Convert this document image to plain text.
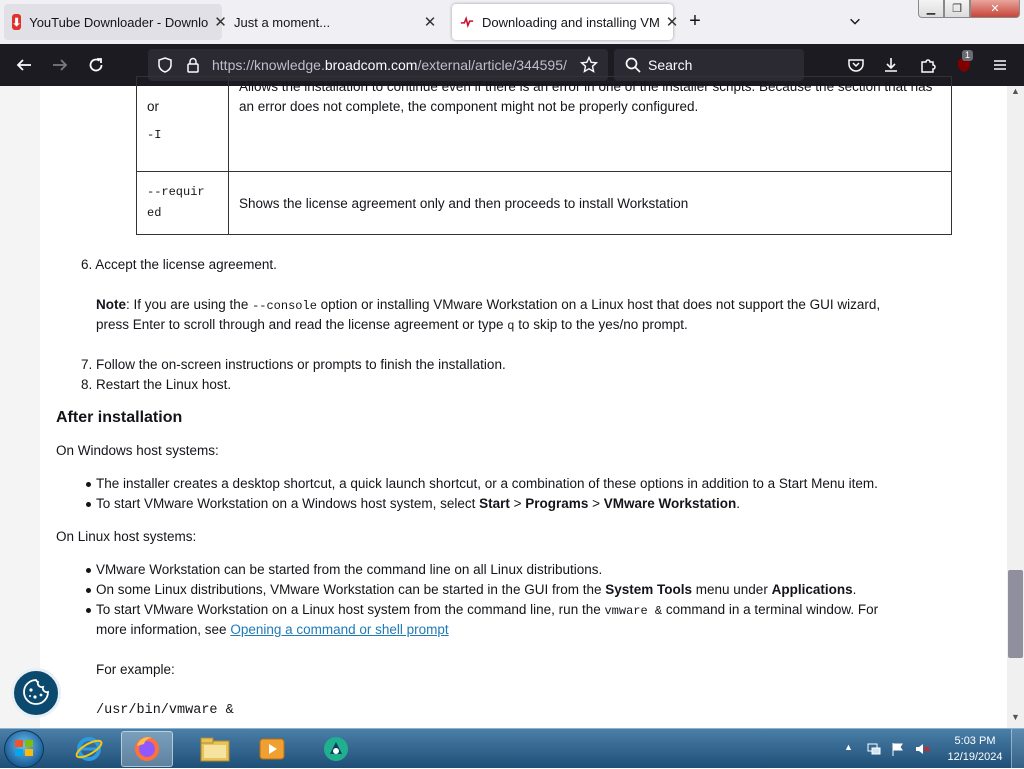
⬇ YouTube Downloader - Downlo ✕ Just a moment...	✕	Downloading and installing VM ✕ +
▁	❐	✕
https://knowledge.broadcom.com/external/article/344595/	Search
1
or
-I	Allows the installation to continue even if there is an error in one of the installer scripts. Because the section that has an error does not complete, the component might not be properly configured.

--requir
ed	Shows the license agreement only and then proceeds to install Workstation
6. Accept the license agreement.
Note: If you are using the --console option or installing VMware Workstation on a Linux host that does not support the GUI wizard,
press Enter to scroll through and read the license agreement or type q to skip to the yes/no prompt.
7. Follow the on-screen instructions or prompts to finish the installation.
8. Restart the Linux host.
After installation
On Windows host systems:
The installer creates a desktop shortcut, a quick launch shortcut, or a combination of these options in addition to a Start Menu item.
To start VMware Workstation on a Windows host system, select Start > Programs > VMware Workstation.
On Linux host systems:
VMware Workstation can be started from the command line on all Linux distributions.
On some Linux distributions, VMware Workstation can be started in the GUI from the System Tools menu under Applications.
To start VMware Workstation on a Linux host system from the command line, run the vmware & command in a terminal window. For
more information, see Opening a command or shell prompt
For example:
/usr/bin/vmware &
▲
▼
▲	5:03 PM
12/19/2024
